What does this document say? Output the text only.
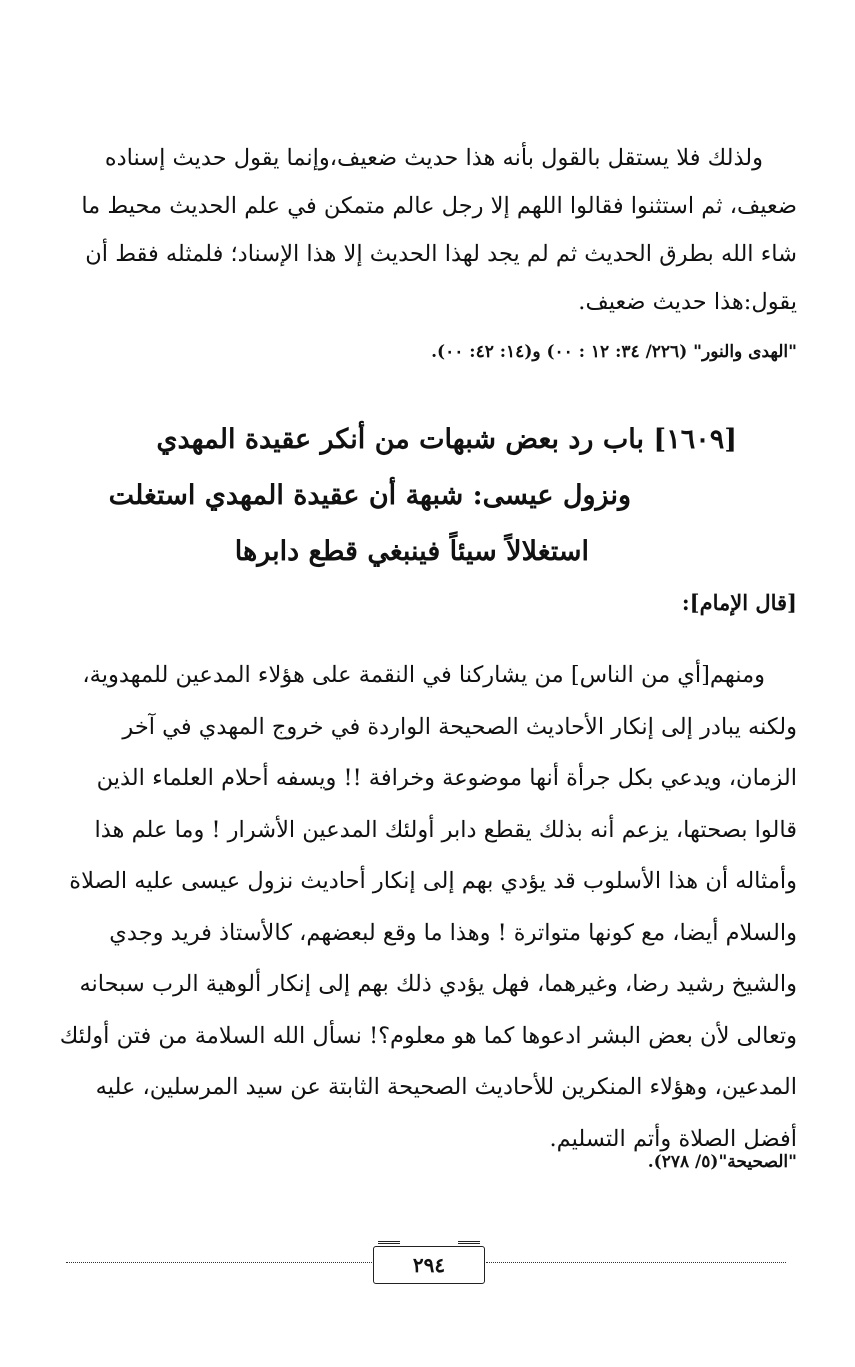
ولذلك فلا يستقل بالقول بأنه هذا حديث ضعيف،وإنما يقول حديث إسناده
ضعيف، ثم استثنوا فقالوا اللهم إلا رجل عالم متمكن في علم الحديث محيط ما
شاء الله بطرق الحديث ثم لم يجد لهذا الحديث إلا هذا الإسناد؛ فلمثله فقط أن
يقول:هذا حديث ضعيف.
"الهدى والنور" (٢٢٦/ ٣٤: ١٢ : ٠٠) و(١٤: ٤٢: ٠٠).
[١٦٠٩] باب رد بعض شبهات من أنكر عقيدة المهدي
ونزول عيسى: شبهة أن عقيدة المهدي استغلت
استغلالاً سيئاً فينبغي قطع دابرها
[قال الإمام]:
ومنهم[أي من الناس] من يشاركنا في النقمة على هؤلاء المدعين للمهدوية،
ولكنه يبادر إلى إنكار الأحاديث الصحيحة الواردة في خروج المهدي في آخر
الزمان، ويدعي بكل جرأة أنها موضوعة وخرافة !! ويسفه أحلام العلماء الذين
قالوا بصحتها، يزعم أنه بذلك يقطع دابر أولئك المدعين الأشرار ! وما علم هذا
وأمثاله أن هذا الأسلوب قد يؤدي بهم إلى إنكار أحاديث نزول عيسى عليه الصلاة
والسلام أيضا، مع كونها متواترة ! وهذا ما وقع لبعضهم، كالأستاذ فريد وجدي
والشيخ رشيد رضا، وغيرهما، فهل يؤدي ذلك بهم إلى إنكار ألوهية الرب سبحانه
وتعالى لأن بعض البشر ادعوها كما هو معلوم؟! نسأل الله السلامة من فتن أولئك
المدعين، وهؤلاء المنكرين للأحاديث الصحيحة الثابتة عن سيد المرسلين، عليه
أفضل الصلاة وأتم التسليم.
"الصحيحة"(٥/ ٢٧٨).
٢٩٤
